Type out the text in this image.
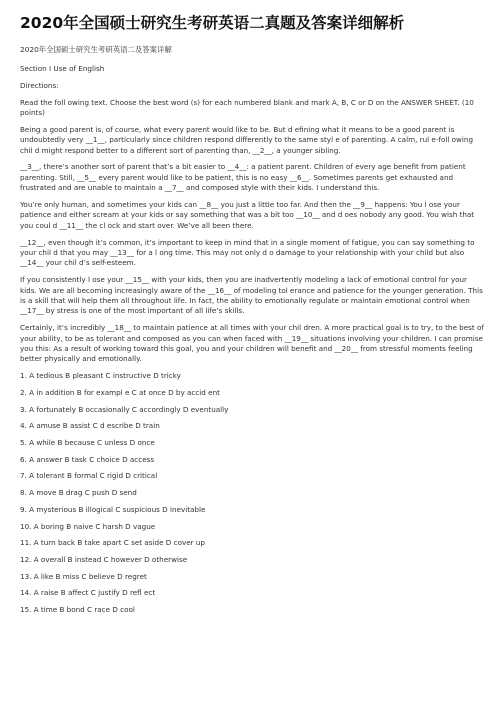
2020年全国硕士研究生考研英语二真题及答案详细解析
2020年全国硕士研究生考研英语二及答案详解

Section I Use of English

Directions:

Read the foll owing text. Choose the best word (s) for each numbered blank and mark A, B, C or D on the ANSWER SHEET. (10 points)

Being a good parent is, of course, what every parent would like to be. But d efining what it means to be a good parent is undoubtedly very __1__, particularly since children respond differently to the same styl e of parenting. A calm, rul e-foll owing chil d might respond better to a different sort of parenting than, __2__, a younger sibling.

__3__, there’s another sort of parent that’s a bit easier to __4__: a patient parent. Children of every age benefit from patient parenting. Still, __5__ every parent would like to be patient, this is no easy __6__. Sometimes parents get exhausted and frustrated and are unable to maintain a __7__ and composed style with their kids. I understand this.

You’re only human, and sometimes your kids can __8__ you just a little too far. And then the __9__ happens: You l ose your patience and either scream at your kids or say something that was a bit too __10__ and d oes nobody any good. You wish that you coul d __11__ the cl ock and start over. We’ve all been there.

__12__, even though it’s common, it’s important to keep in mind that in a single moment of fatigue, you can say something to your chil d that you may __13__ for a l ong time. This may not only d o damage to your relationship with your child but also __14__ your chil d’s self-esteem.

If you consistently l ose your __15__ with your kids, then you are inadvertently modeling a lack of emotional control for your kids. We are all becoming increasingly aware of the __16__ of modeling tol erance and patience for the younger generation. This is a skill that will help them all throughout life. In fact, the ability to emotionally regulate or maintain emotional control when __17__ by stress is one of the most important of all life’s skills.

Certainly, it’s incredibly __18__ to maintain patience at all times with your chil dren. A more practical goal is to try, to the best of your ability, to be as tolerant and composed as you can when faced with __19__ situations involving your children. I can promise you this: As a result of working toward this goal, you and your children will benefit and __20__ from stressful moments feeling better physically and emotionally.

1. A tedious B pleasant C instructive D tricky

2. A in addition B for exampl e C at once D by accid ent

3. A fortunately B occasionally C accordingly D eventually

4. A amuse B assist C d escribe D train

5. A while B because C unless D once

6. A answer B task C choice D access

7. A tolerant B formal C rigid D critical

8. A move B drag C push D send

9. A mysterious B illogical C suspicious D inevitable

10. A boring B naive C harsh D vague

11. A turn back B take apart C set aside D cover up

12. A overall B instead C however D otherwise

13. A like B miss C believe D regret

14. A raise B affect C justify D refl ect

15. A time B bond C race D cool
